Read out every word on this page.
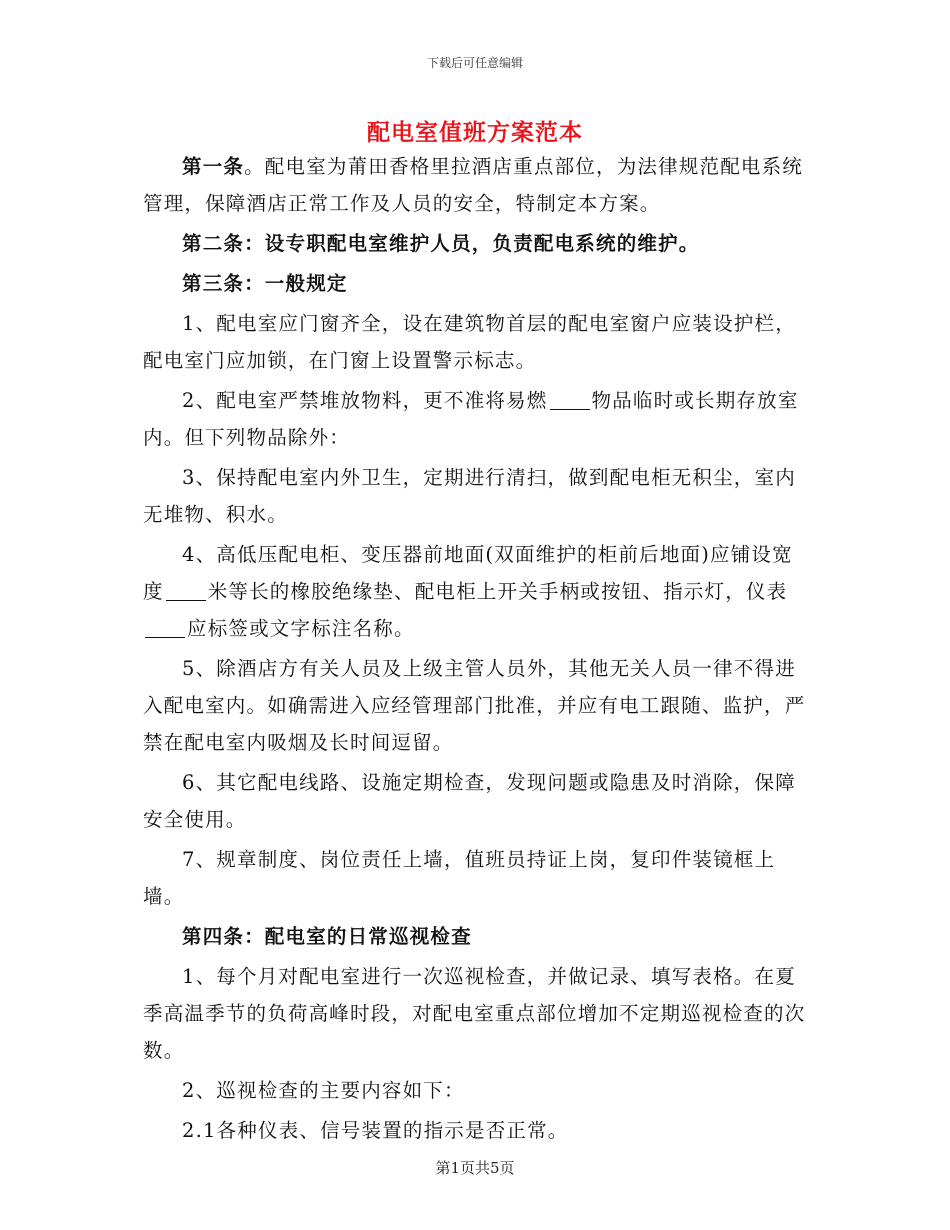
下载后可任意编辑
配电室值班方案范本

第一条。配电室为莆田香格里拉酒店重点部位，为法律规范配电系统管理，保障酒店正常工作及人员的安全，特制定本方案。

第二条：设专职配电室维护人员，负责配电系统的维护。

第三条：一般规定

1、配电室应门窗齐全，设在建筑物首层的配电室窗户应装设护栏，配电室门应加锁，在门窗上设置警示标志。

2、配电室严禁堆放物料，更不准将易燃 物品临时或长期存放室内。但下列物品除外：

3、保持配电室内外卫生，定期进行清扫，做到配电柜无积尘，室内无堆物、积水。

4、高低压配电柜、变压器前地面(双面维护的柜前后地面)应铺设宽度 米等长的橡胶绝缘垫、配电柜上开关手柄或按钮、指示灯，仪表应标签或文字标注名称。

5、除酒店方有关人员及上级主管人员外，其他无关人员一律不得进入配电室内。如确需进入应经管理部门批准，并应有电工跟随、监护，严禁在配电室内吸烟及长时间逗留。

6、其它配电线路、设施定期检查，发现问题或隐患及时消除，保障安全使用。

7、规章制度、岗位责任上墙，值班员持证上岗，复印件装镜框上墙。

第四条：配电室的日常巡视检查

1、每个月对配电室进行一次巡视检查，并做记录、填写表格。在夏季高温季节的负荷高峰时段，对配电室重点部位增加不定期巡视检查的次数。

2、巡视检查的主要内容如下：

2.1各种仪表、信号装置的指示是否正常。

第1页共5页
